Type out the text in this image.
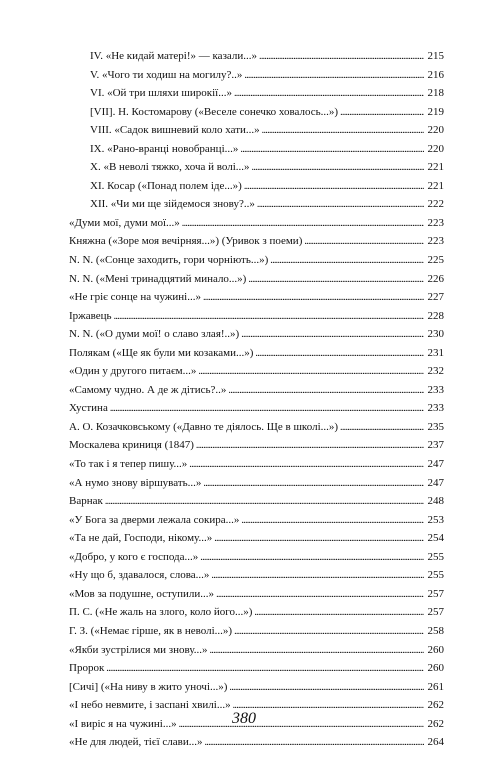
IV. «Не кидай матері!» — казали...» . . .	215
V. «Чого ти ходиш на могилу?..» . . .	216
VI. «Ой три шляхи широкії...» . . .	218
[VII]. Н. Костомарову («Веселе сонечко ховалось...») . . .	219
VIII. «Садок вишневий коло хати...» . . .	220
IX. «Рано-вранці новобранці...» . . .	220
X. «В неволі тяжко, хоча й волі...» . . .	221
XI. Косар («Понад полем іде...») . . .	221
XII. «Чи ми ще зійдемося знову?..» . . .	222
«Думи мої, думи мої...» . . .	223
Княжна («Зоре моя вечірняя...») (Уривок з поеми) . . .	223
N. N. («Сонце заходить, гори чорніють...») . . .	225
N. N. («Мені тринадцятий минало...») . . .	226
«Не гріє сонце на чужині...» . . .	227
Іржавець . . .	228
N. N. («О думи мої! о славо злая!..») . . .	230
Полякам («Ще як були ми козаками...») . . .	231
«Один у другого питаєм...» . . .	232
«Самому чудно. А де ж дітись?..» . . .	233
Хустина . . .	233
А. О. Козачковському («Давно те діялось. Ще в школі...») . . .	235
Москалева криниця (1847) . . .	237
«То так і я тепер пишу...» . . .	247
«А нумо знову віршувать...» . . .	247
Варнак . . .	248
«У Бога за дверми лежала сокира...» . . .	253
«Та не дай, Господи, нікому...» . . .	254
«Добро, у кого є господа...» . . .	255
«Ну що б, здавалося, слова...» . . .	255
«Мов за подушне, оступили...» . . .	257
П. С. («Не жаль на злого, коло його...») . . .	257
Г. З. («Немає гірше, як в неволі...») . . .	258
«Якби зустрілися ми знову...» . . .	260
Пророк . . .	260
[Сичі] («На ниву в жито уночі...») . . .	261
«І небо невмите, і заспані хвилі...» . . .	262
«І виріс я на чужині...» . . .	262
«Не для людей, тієї слави...» . . .	264
380
